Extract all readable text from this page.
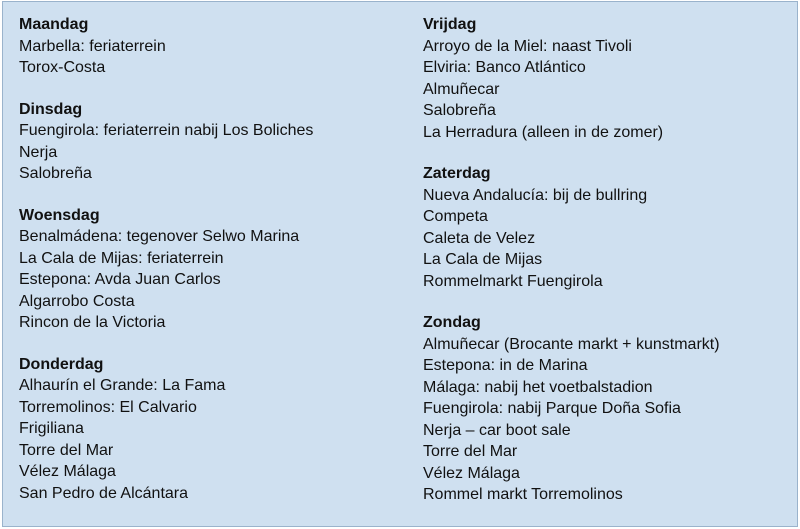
Maandag
Marbella: feriaterrein
Torox-Costa
Dinsdag
Fuengirola: feriaterrein nabij Los Boliches
Nerja
Salobreña
Woensdag
Benalmádena: tegenover Selwo Marina
La Cala de Mijas: feriaterrein
Estepona: Avda Juan Carlos
Algarrobo Costa
Rincon de la Victoria
Donderdag
Alhaurín el Grande: La Fama
Torremolinos: El Calvario
Frigiliana
Torre del Mar
Vélez Málaga
San Pedro de Alcántara
Vrijdag
Arroyo de la Miel: naast Tivoli
Elviria: Banco Atlántico
Almuñecar
Salobreña
La Herradura (alleen in de zomer)
Zaterdag
Nueva Andalucía: bij de bullring
Competa
Caleta de Velez
La Cala de Mijas
Rommelmarkt Fuengirola
Zondag
Almuñecar (Brocante markt + kunstmarkt)
Estepona: in de Marina
Málaga: nabij het voetbalstadion
Fuengirola: nabij Parque Doña Sofia
Nerja – car boot sale
Torre del Mar
Vélez Málaga
Rommel markt Torremolinos
